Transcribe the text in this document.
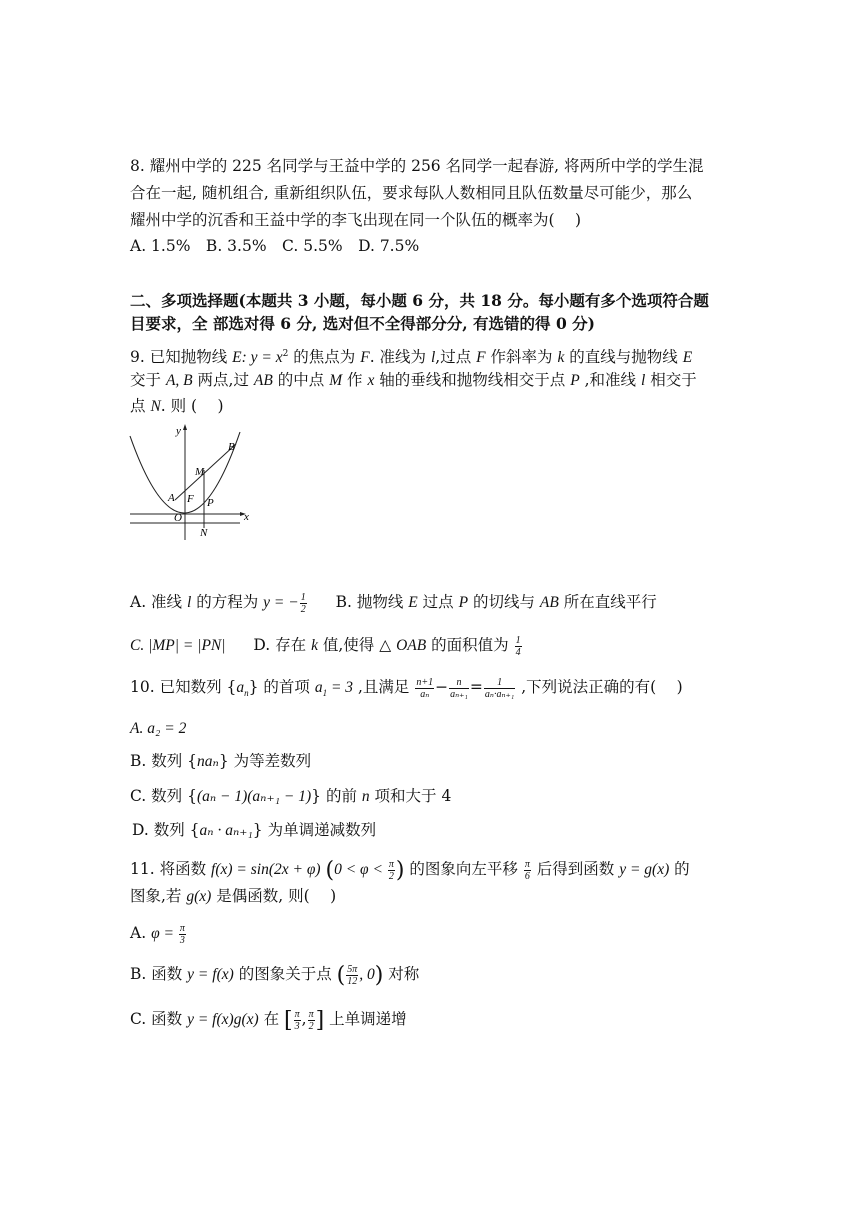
8. 耀州中学的 225 名同学与王益中学的 256 名同学一起春游, 将两所中学的学生混
合在一起, 随机组合, 重新组织队伍，要求每队人数相同且队伍数量尽可能少，那么
耀州中学的沉香和王益中学的李飞出现在同一个队伍的概率为(　 )
A. 1.5%　B. 3.5%　C. 5.5%　D. 7.5%
二、多项选择题(本题共 3 小题，每小题 6 分，共 18 分。每小题有多个选项符合题
目要求，全 部选对得 6 分, 选对但不全得部分分, 有选错的得 0 分)
9. 已知抛物线 E: $y = x^2$ 的焦点为 F. 准线为 l,过点 F 作斜率为 k 的直线与抛物线 E
交于 A, B 两点,过 AB 的中点 M 作 x 轴的垂线和抛物线相交于点 P ,和准线 l 相交于
点 N. 则 (　 )
y
x
B
M
A F P
O
N
A. 准线 l 的方程为 y = − $\frac{1}{2} B$. 抛物线 E 过点 P 的切线与 AB 所在直线平行
C. |MP| = |PN| D. 存在 k 值,使得 △ OAB 的面积值为 $\frac{1}{4}$
10. 已知数列 $\{a_n\}$ 的首项 $a_1 = 3$ ,且满足 $\frac{n+1}{\text{aₙ}} - \frac{n}{\text{aₙ₊₁}} = \frac{1}{\text{aₙ·aₙ₊₁}}$ ,下列说法正确的有(　 )
A. a₂ = 2
B. 数列 {naₙ} 为等差数列
C. 数列 {(aₙ − 1)(aₙ₊₁ − 1)} 的前 n 项和大于 4
D. 数列 {aₙ · aₙ₊₁} 为单调递减数列
11. 将函数 f(x) = sin(2x + φ) ($0 < \varphi < \frac{\pi}{2}$ ) 的图象向左平移 $\frac{\pi}{6}$ 后得到函数 y = g(x) 的
图象,若 g(x) 是偶函数, 则(　 )
A. $\varphi = \frac{\pi}{3}$
B. 函数 y = f(x) 的图象关于点 ( $\frac{5\pi}{12}$ , 0) 对称
C. 函数 y = f(x)g(x) 在 [ $\frac{\pi}{3}$ , $\frac{\pi}{2}$ ] 上单调递增
